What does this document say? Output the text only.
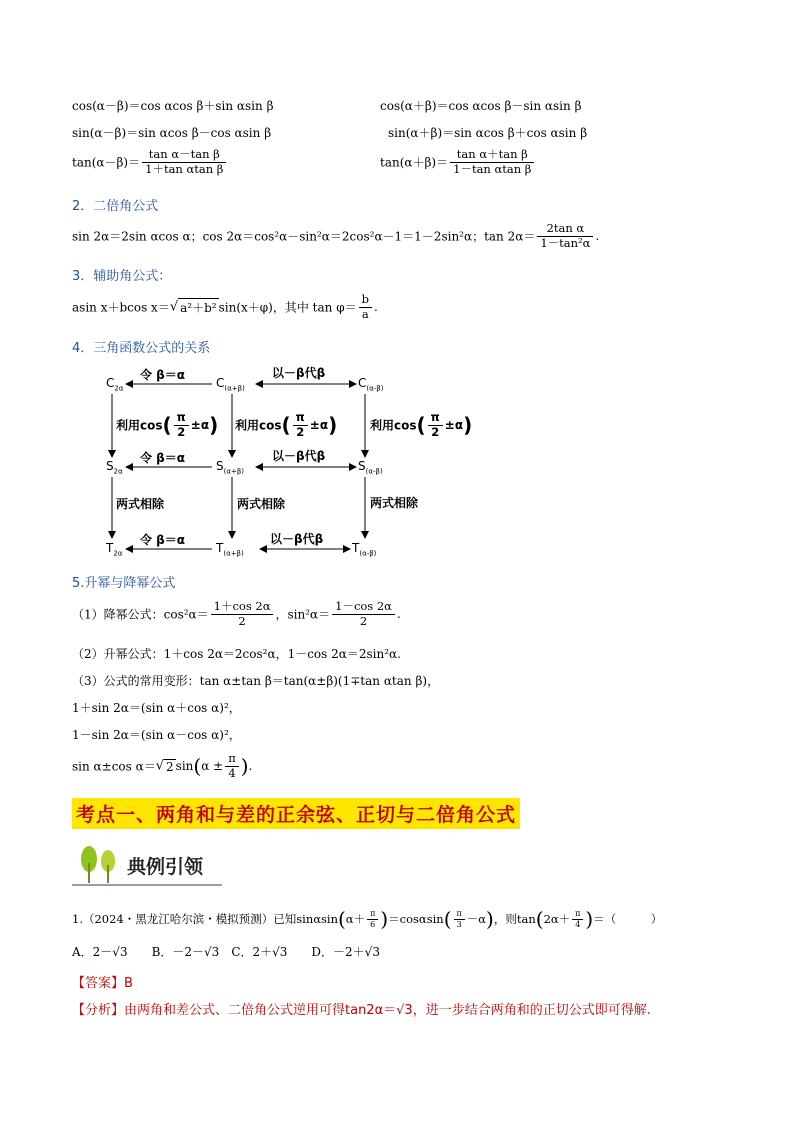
cos(α－β)＝cos αcos β＋sin αsin β	cos(α＋β)＝cos αcos β－sin αsin β
sin(α－β)＝sin αcos β－cos αsin β	sin(α＋β)＝sin αcos β＋cos αsin β
$\tan(\alpha-\beta)= \frac{\text{tan α－tan β}}{\text{1＋tan αtan β}}$	$\tan(\alpha+\beta)= \frac{\text{tan α＋tan β}}{\text{1－tan αtan β}}$
2．二倍角公式
sin 2α＝2sin αcos α；cos 2α＝cos²α－sin²α＝2cos²α－1＝1－2sin²α；$\tan 2\alpha= \frac{\text{2tan α}}{\text{1－tan²α}}$ .
3．辅助角公式：
asin x＋bcos x＝√ a²＋b² sin(x＋φ)，其中 $\tan \varphi= \frac{b}{a}$ .
4．三角函数公式的关系
$C_{2\alpha}$	$C_{(\alpha+\beta)}$	$C_{(\alpha-\beta)}$
$S_{2\alpha}$	$S_{(\alpha+\beta)}$	$S_{(\alpha-\beta)}$
$T_{2\alpha}$	$T_{(\alpha+\beta)}$	$T_{(\alpha-\beta)}$
令 β＝α	以－β代β
令 β＝α	以－β代β
令 β＝α	以－β代β
利用$\cos( \frac{\pi}{2} \pm\alpha)$ 利用$\cos( \frac{\pi}{2} \pm\alpha)$	利用$\cos( \frac{\pi}{2} \pm\alpha)$
两式相除	两式相除	两式相除
5.升幂与降幂公式
（1）降幂公式：$\cos^2\alpha= \frac{1+\cos 2\alpha}{2}$ ，$\sin^2\alpha= \frac{1-\cos 2\alpha}{2}$ .
（2）升幂公式：1＋cos 2α＝2cos²α，1－cos 2α＝2sin²α.
（3）公式的常用变形：tan α±tan β＝tan(α±β)(1∓tan αtan β)，
1＋sin 2α＝(sin α＋cos α)²，
1－sin 2α＝(sin α－cos α)²，
sin α±cos α＝√ 2 $\sin(\alpha \pm \frac{\pi}{4}$ ).
考点一、两角和与差的正余弦、正切与二倍角公式
典例引领
1.（2024・黑龙江哈尔滨・模拟预测）已知$\sin\alpha\sin(\alpha+ \frac{\pi}{6} )=\cos\alpha\sin( \frac{\pi}{3} -\alpha)$，则$\tan(2\alpha+ \frac{\pi}{4}$ )＝（　　　）
A．2－√3　　B．－2－√3　C．2＋√3　　D．－2＋√3
【答案】B
【分析】由两角和差公式、二倍角公式逆用可得tan2α＝√3，进一步结合两角和的正切公式即可得解.
